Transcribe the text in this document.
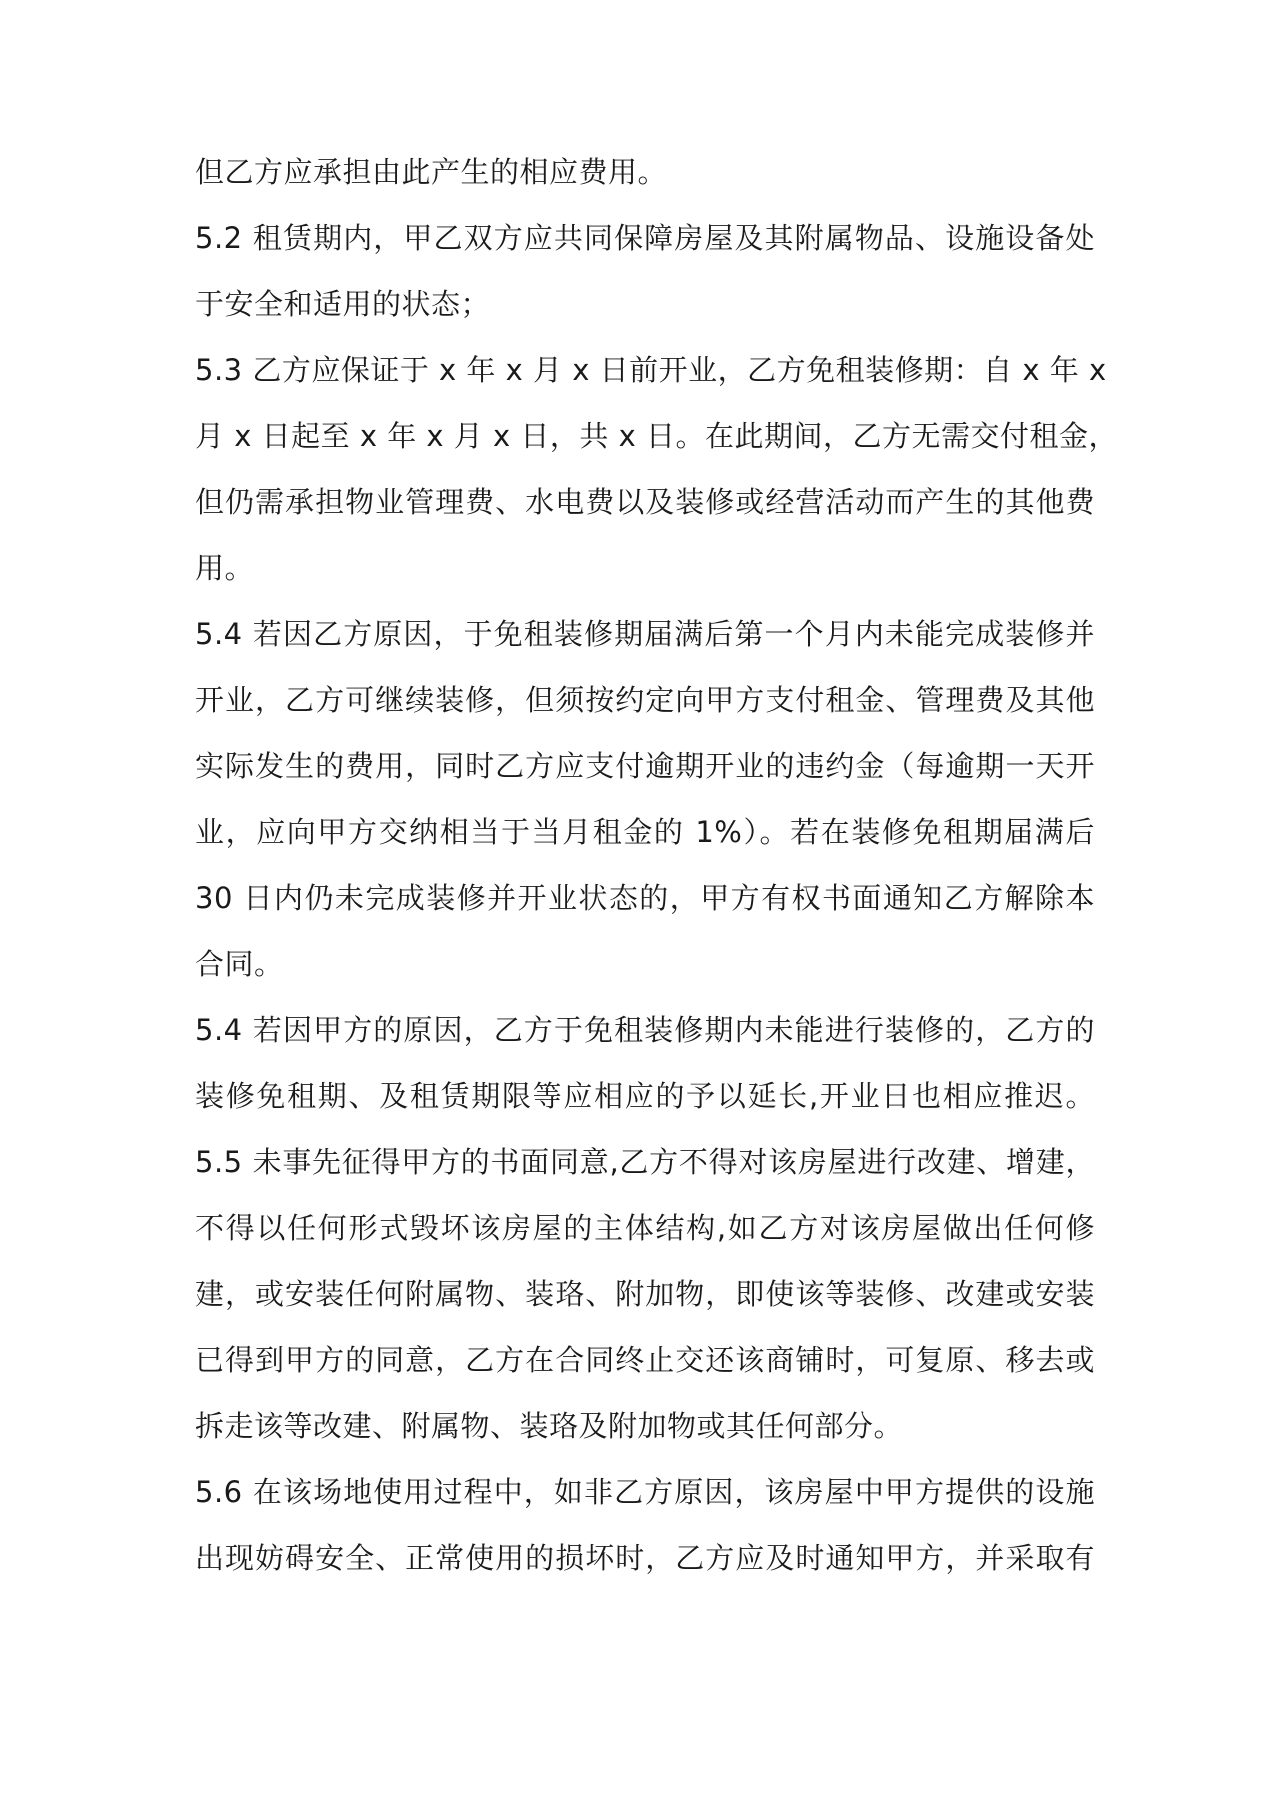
但乙方应承担由此产生的相应费用。
5.2 租赁期内，甲乙双方应共同保障房屋及其附属物品、设施设备处
于安全和适用的状态；
5.3 乙方应保证于 x 年 x 月 x 日前开业，乙方免租装修期：自 x 年 x
月 x 日起至 x 年 x 月 x 日，共 x 日。在此期间，乙方无需交付租金，
但仍需承担物业管理费、水电费以及装修或经营活动而产生的其他费
用。
5.4 若因乙方原因，于免租装修期届满后第一个月内未能完成装修并
开业，乙方可继续装修，但须按约定向甲方支付租金、管理费及其他
实际发生的费用，同时乙方应支付逾期开业的违约金（每逾期一天开
业，应向甲方交纳相当于当月租金的 1%）。若在装修免租期届满后
30 日内仍未完成装修并开业状态的，甲方有权书面通知乙方解除本
合同。
5.4 若因甲方的原因，乙方于免租装修期内未能进行装修的，乙方的
装修免租期、及租赁期限等应相应的予以延长,开业日也相应推迟。
5.5 未事先征得甲方的书面同意,乙方不得对该房屋进行改建、增建，
不得以任何形式毁坏该房屋的主体结构,如乙方对该房屋做出任何修
建，或安装任何附属物、装珞、附加物，即使该等装修、改建或安装
已得到甲方的同意，乙方在合同终止交还该商铺时，可复原、移去或
拆走该等改建、附属物、装珞及附加物或其任何部分。
5.6 在该场地使用过程中，如非乙方原因，该房屋中甲方提供的设施
出现妨碍安全、正常使用的损坏时，乙方应及时通知甲方，并采取有
